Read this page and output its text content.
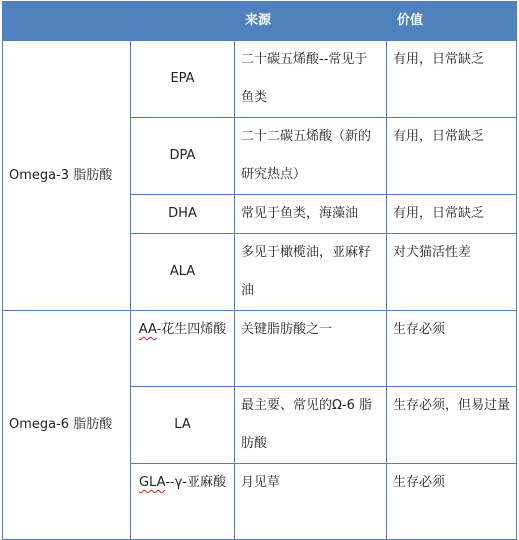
		来源	价值
Omega-3 脂肪酸	EPA	二十碳五烯酸--常见于鱼类	有用，日常缺乏
	DPA	二十二碳五烯酸（新的研究热点）	有用，日常缺乏
	DHA	常见于鱼类，海藻油	有用，日常缺乏
	ALA	多见于橄榄油，亚麻籽油	对犬猫活性差
Omega-6 脂肪酸	AA-花生四烯酸	关键脂肪酸之一	生存必须
	LA	最主要、常见的Ω-6 脂肪酸	生存必须，但易过量
	GLA--γ-亚麻酸	月见草	生存必须
